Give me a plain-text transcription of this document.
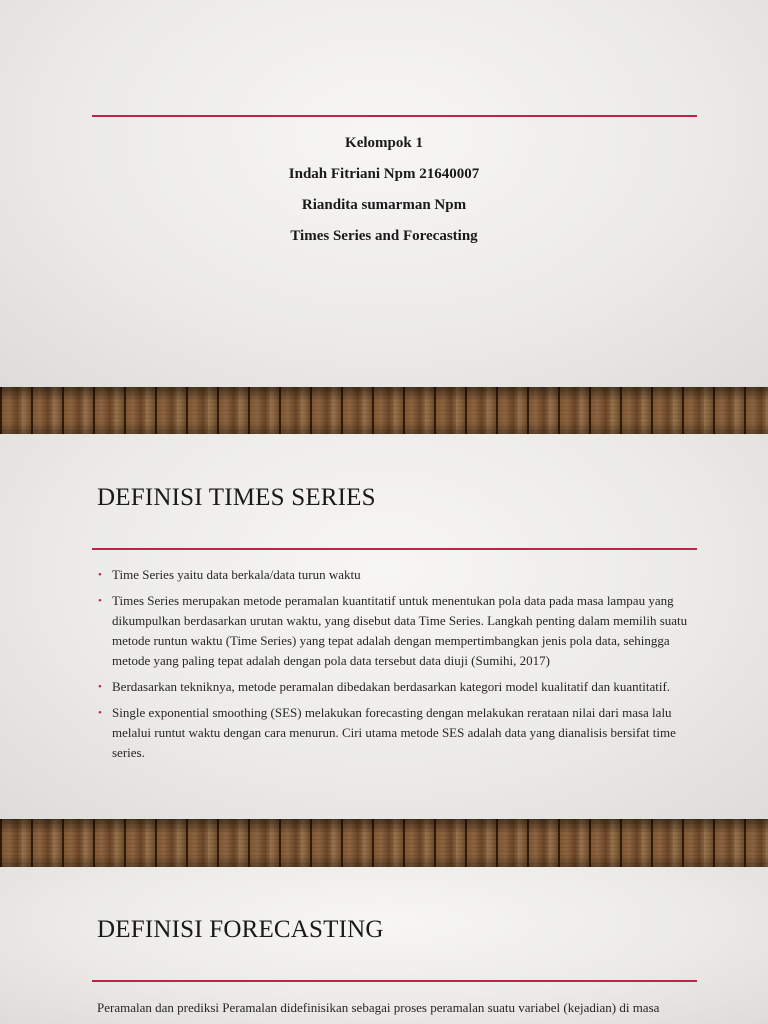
Kelompok 1
Indah Fitriani Npm 21640007
Riandita sumarman Npm
Times Series and Forecasting
DEFINISI TIMES SERIES
• Time Series yaitu data berkala/data turun waktu
• Times Series merupakan metode peramalan kuantitatif untuk menentukan pola data pada masa lampau yang dikumpulkan berdasarkan urutan waktu, yang disebut data Time Series. Langkah penting dalam memilih suatu metode runtun waktu (Time Series) yang tepat adalah dengan mempertimbangkan jenis pola data, sehingga metode yang paling tepat adalah dengan pola data tersebut data diuji (Sumihi, 2017)
• Berdasarkan tekniknya, metode peramalan dibedakan berdasarkan kategori model kualitatif dan kuantitatif.
• Single exponential smoothing (SES) melakukan forecasting dengan melakukan rerataan nilai dari masa lalu melalui runtut waktu dengan cara menurun. Ciri utama metode SES adalah data yang dianalisis bersifat time series.
DEFINISI FORECASTING
Peramalan dan prediksi Peramalan didefinisikan sebagai proses peramalan suatu variabel (kejadian) di masa
